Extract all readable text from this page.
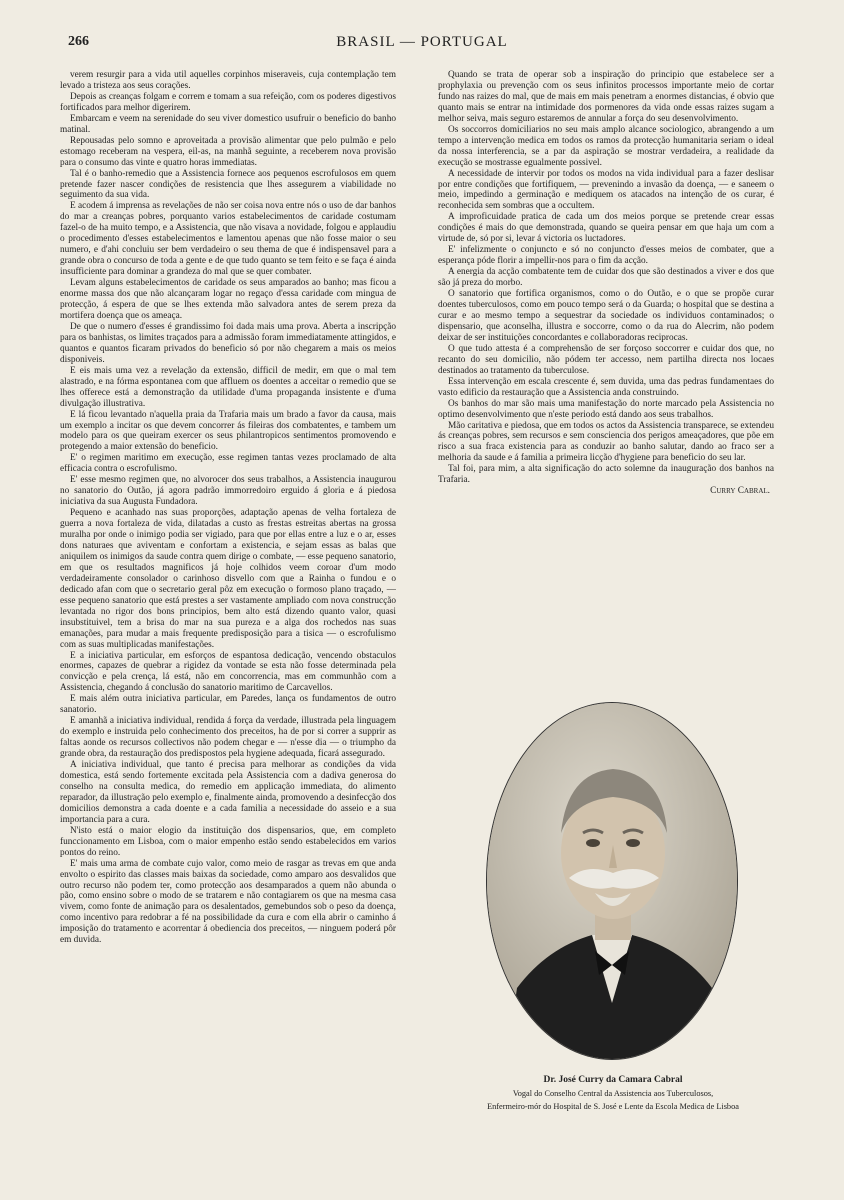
266	BRASIL — PORTUGAL

verem resurgir para a vida util aquelles corpinhos miseraveis, cuja contemplação tem levado a tristeza aos seus corações.

Depois as creanças folgam e correm e tomam a sua refeição, com os poderes digestivos fortificados para melhor digerirem.

Embarcam e veem na serenidade do seu viver domestico usufruir o beneficio do banho matinal.

Repousadas pelo somno e aproveitada a provisão alimentar que pelo pulmão e pelo estomago receberam na vespera, eil-as, na manhã seguinte, a receberem nova provisão para o consumo das vinte e quatro horas immediatas.

Tal é o banho-remedio que a Assistencia fornece aos pequenos escrofulosos em quem pretende fazer nascer condições de resistencia que lhes assegurem a viabilidade no seguimento da sua vida.

E acodem á imprensa as revelações de não ser coisa nova entre nós o uso de dar banhos do mar a creanças pobres, porquanto varios estabelecimentos de caridade costumam fazel-o de ha muito tempo, e a Assistencia, que não visava a novidade, folgou e applaudiu o procedimento d'esses estabelecimentos e lamentou apenas que não fosse maior o seu numero, e d'ahi concluiu ser bem verdadeiro o seu thema de que é indispensavel para a grande obra o concurso de toda a gente e de que tudo quanto se tem feito e se faça é ainda insufficiente para dominar a grandeza do mal que se quer combater.

Levam alguns estabelecimentos de caridade os seus amparados ao banho; mas ficou a enorme massa dos que não alcançaram logar no regaço d'essa caridade com mingua de protecção, á espera de que se lhes extenda mão salvadora antes de serem preza da mortifera doença que os ameaça.

De que o numero d'esses é grandissimo foi dada mais uma prova. Aberta a inscripção para os banhistas, os limites traçados para a admissão foram immediatamente attingidos, e quantos e quantos ficaram privados do beneficio só por não chegarem a mais os meios disponiveis.

E eis mais uma vez a revelação da extensão, difficil de medir, em que o mal tem alastrado, e na fórma espontanea com que affluem os doentes a acceitar o remedio que se lhes offerece está a demonstração da utilidade d'uma propaganda insistente e d'uma divulgação illustrativa.

E lá ficou levantado n'aquella praia da Trafaria mais um brado a favor da causa, mais um exemplo a incitar os que devem concorrer ás fileiras dos combatentes, e tambem um modelo para os que queiram exercer os seus philantropicos sentimentos promovendo e protegendo a maior extensão do beneficio.

E' o regimen maritimo em execução, esse regimen tantas vezes proclamado de alta efficacia contra o escrofulismo.

E' esse mesmo regimen que, no alvorocer dos seus trabalhos, a Assistencia inaugurou no sanatorio do Outão, já agora padrão immorredoiro erguido á gloria e á piedosa iniciativa da sua Augusta Fundadora.

Pequeno e acanhado nas suas proporções, adaptação apenas de velha fortaleza de guerra a nova fortaleza de vida, dilatadas a custo as frestas estreitas abertas na grossa muralha por onde o inimigo podia ser vigiado, para que por ellas entre a luz e o ar, esses dons naturaes que aviventam e confortam a existencia, e sejam essas as balas que aniquilem os inimigos da saude contra quem dirige o combate, — esse pequeno sanatorio, em que os resultados magnificos já hoje colhidos veem coroar d'um modo verdadeiramente consolador o carinhoso disvello com que a Rainha o fundou e o dedicado afan com que o secretario geral pôz em execução o formoso plano traçado, — esse pequeno sanatorio que está prestes a ser vastamente ampliado com nova construcção levantada no rigor dos bons principios, bem alto está dizendo quanto valor, quasi insubstituivel, tem a brisa do mar na sua pureza e a alga dos rochedos nas suas emanações, para mudar a mais frequente predisposição para a tisica — o escrofulismo com as suas multiplicadas manifestações.

E a iniciativa particular, em esforços de espantosa dedicação, vencendo obstaculos enormes, capazes de quebrar a rigidez da vontade se esta não fosse determinada pela convicção e pela crença, lá está, não em concorrencia, mas em communhão com a Assistencia, chegando á conclusão do sanatorio maritimo de Carcavellos.

E mais além outra iniciativa particular, em Paredes, lança os fundamentos de outro sanatorio.

E amanhã a iniciativa individual, rendida á força da verdade, illustrada pela linguagem do exemplo e instruida pelo conhecimento dos preceitos, ha de por si correr a supprir as faltas aonde os recursos collectivos não podem chegar e — n'esse dia — o triumpho da grande obra, da restauração dos predispostos pela hygiene adequada, ficará assegurado.

A iniciativa individual, que tanto é precisa para melhorar as condições da vida domestica, está sendo fortemente excitada pela Assistencia com a dadiva generosa do conselho na consulta medica, do remedio em applicação immediata, do alimento reparador, da illustração pelo exemplo e, finalmente ainda, promovendo a desinfecção dos domicilios demonstra a cada doente e a cada familia a necessidade do asseio e a sua importancia para a cura.

N'isto está o maior elogio da instituição dos dispensarios, que, em completo funccionamento em Lisboa, com o maior empenho estão sendo estabelecidos em varios pontos do reino.

E' mais uma arma de combate cujo valor, como meio de rasgar as trevas em que anda envolto o espirito das classes mais baixas da sociedade, como amparo aos desvalidos que outro recurso não podem ter, como protecção aos desamparados a quem não abunda o pão, como ensino sobre o modo de se tratarem e não contagiarem os que na mesma casa vivem, como fonte de animação para os desalentados, gemebundos sob o peso da doença, como incentivo para redobrar a fé na possibilidade da cura e com ella abrir o caminho á imposição do tratamento e acorrentar á obediencia dos preceitos, — ninguem poderá pôr em duvida.

Quando se trata de operar sob a inspiração do principio que estabelece ser a prophylaxia ou prevenção com os seus infinitos processos importante meio de cortar fundo nas raizes do mal, que de mais em mais penetram a enormes distancias, é obvio que quanto mais se entrar na intimidade dos pormenores da vida onde essas raizes sugam a melhor seiva, mais seguro estaremos de annular a força do seu desenvolvimento.

Os soccorros domiciliarios no seu mais amplo alcance sociologico, abrangendo a um tempo a intervenção medica em todos os ramos da protecção humanitaria seriam o ideal da nossa interferencia, se a par da aspiração se mostrar verdadeira, a realidade da execução se mostrasse egualmente possivel.

A necessidade de intervir por todos os modos na vida individual para a fazer deslisar por entre condições que fortifiquem, — prevenindo a invasão da doença, — e saneem o meio, impedindo a germinação e mediquem os atacados na intenção de os curar, é reconhecida sem sombras que a occultem.

A improficuidade pratica de cada um dos meios porque se pretende crear essas condições é mais do que demonstrada, quando se queira pensar em que haja um com a virtude de, só por si, levar á victoria os luctadores.

E' infelizmente o conjuncto e só no conjuncto d'esses meios de combater, que a esperança póde florir a impellir-nos para o fim da acção.

A energia da acção combatente tem de cuidar dos que são destinados a viver e dos que são já preza do morbo.

O sanatorio que fortifica organismos, como o do Outão, e o que se propõe curar doentes tuberculosos, como em pouco tempo será o da Guarda; o hospital que se destina a curar e ao mesmo tempo a sequestrar da sociedade os individuos contaminados; o dispensario, que aconselha, illustra e soccorre, como o da rua do Alecrim, não podem deixar de ser instituições concordantes e collaboradoras reciprocas.

O que tudo attesta é a comprehensão de ser forçoso soccorrer e cuidar dos que, no recanto do seu domicilio, não pódem ter accesso, nem partilha directa nos locaes destinados ao tratamento da tuberculose.

Essa intervenção em escala crescente é, sem duvida, uma das pedras fundamentaes do vasto edificio da restauração que a Assistencia anda construindo.

Os banhos do mar são mais uma manifestação do norte marcado pela Assistencia no optimo desenvolvimento que n'este periodo está dando aos seus trabalhos.

Mão caritativa e piedosa, que em todos os actos da Assistencia transparece, se extendeu ás creanças pobres, sem recursos e sem consciencia dos perigos ameaçadores, que põe em risco a sua fraca existencia para as conduzir ao banho salutar, dando ao fraco ser a melhoria da saude e á familia a primeira licção d'hygiene para beneficio do seu lar.

Tal foi, para mim, a alta significação do acto solemne da inauguração dos banhos na Trafaria.

Curry Cabral.

Dr. José Curry da Camara Cabral
Vogal do Conselho Central da Assistencia aos Tuberculosos,
Enfermeiro-mór do Hospital de S. José e Lente da Escola Medica de Lisboa
